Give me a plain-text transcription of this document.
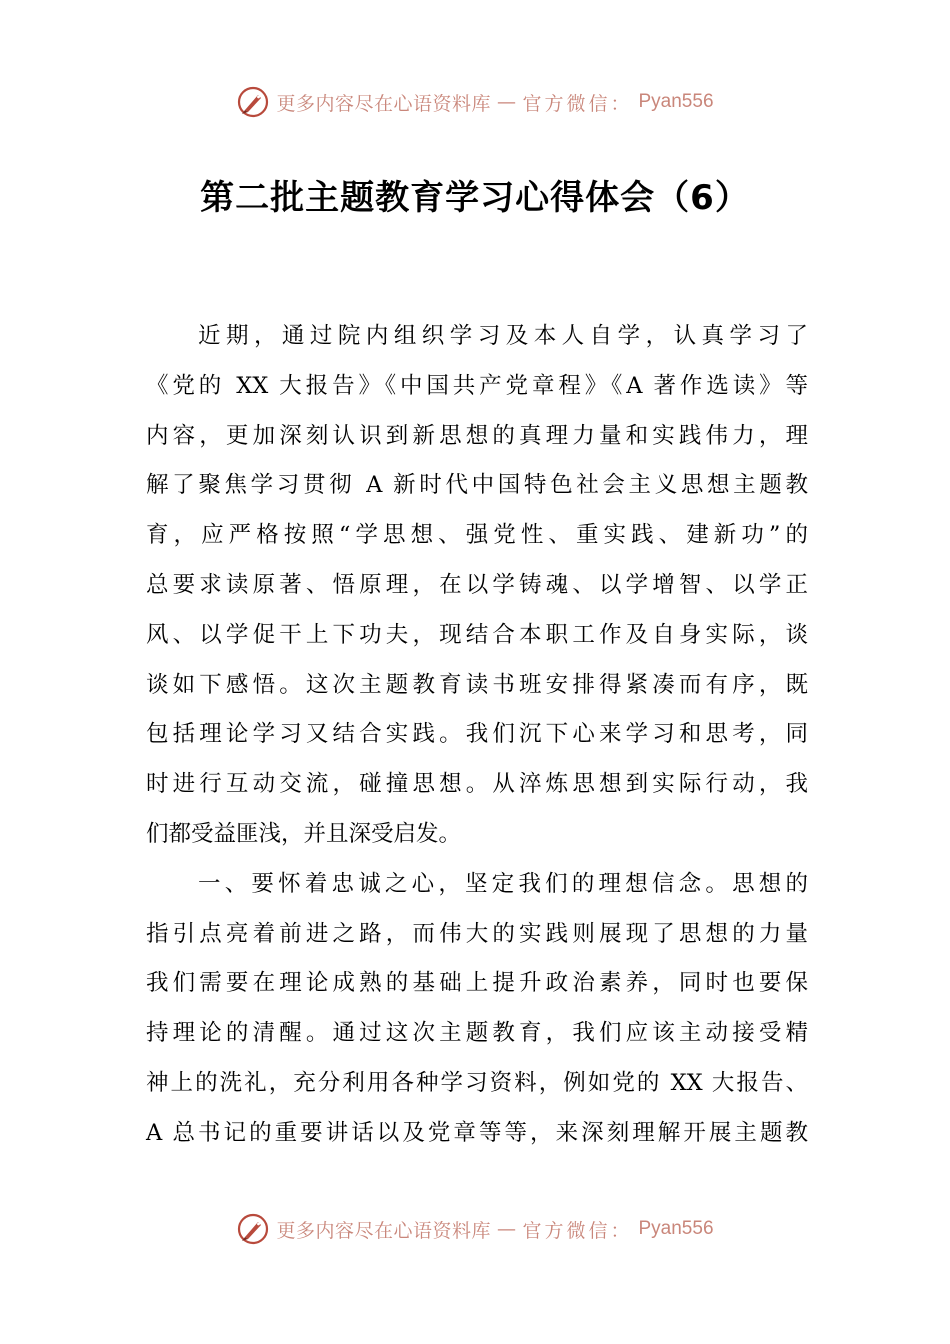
更多内容尽在心语资料库 — 官方微信： Pyan556
第二批主题教育学习心得体会（6）
近期，通过院内组织学习及本人自学，认真学习了
《党的 XX 大报告》《中国共产党章程》《A 著作选读》等
内容，更加深刻认识到新思想的真理力量和实践伟力，理
解了聚焦学习贯彻 A 新时代中国特色社会主义思想主题教
育，应严格按照“学思想、强党性、重实践、建新功”的
总要求读原著、悟原理，在以学铸魂、以学增智、以学正
风、以学促干上下功夫，现结合本职工作及自身实际，谈
谈如下感悟。这次主题教育读书班安排得紧凑而有序，既
包括理论学习又结合实践。我们沉下心来学习和思考，同
时进行互动交流，碰撞思想。从淬炼思想到实际行动，我
们都受益匪浅，并且深受启发。
一、要怀着忠诚之心，坚定我们的理想信念。思想的
指引点亮着前进之路，而伟大的实践则展现了思想的力量
我们需要在理论成熟的基础上提升政治素养，同时也要保
持理论的清醒。通过这次主题教育，我们应该主动接受精
神上的洗礼，充分利用各种学习资料，例如党的 XX 大报告、
A 总书记的重要讲话以及党章等等，来深刻理解开展主题教
更多内容尽在心语资料库 — 官方微信： Pyan556
